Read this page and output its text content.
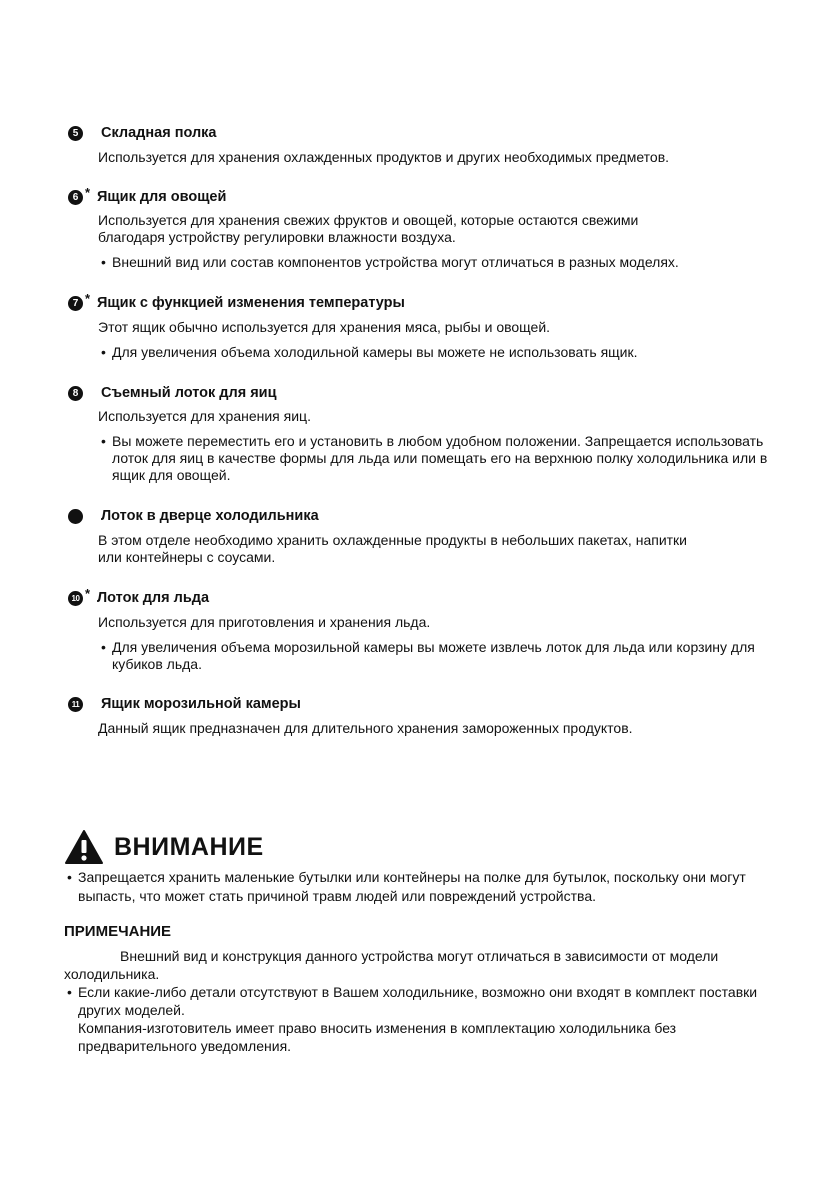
5	Складная полка

Используется для хранения охлажденных продуктов и других необходимых предметов.

6 * Ящик для овощей

Используется для хранения свежих фруктов и овощей, которые остаются свежими

благодаря устройству регулировки влажности воздуха.

• Внешний вид или состав компонентов устройства могут отличаться в разных моделях.

7 * Ящик с функцией изменения температуры

Этот ящик обычно используется для хранения мяса, рыбы и овощей.

• Для увеличения объема холодильной камеры вы можете не использовать ящик.

8	Съемный лоток для яиц

Используется для хранения яиц.

• Вы можете переместить его и установить в любом удобном положении. Запрещается использовать лоток для яиц в качестве формы для льда или помещать его на верхнюю полку холодильника или в ящик для овощей.

Лоток в дверце холодильника

В этом отделе необходимо хранить охлажденные продукты в небольших пакетах, напитки

или контейнеры с соусами.

10 * Лоток для льда

Используется для приготовления и хранения льда.

• Для увеличения объема морозильной камеры вы можете извлечь лоток для льда или корзину для кубиков льда.

11 Ящик морозильной камеры

Данный ящик предназначен для длительного хранения замороженных продуктов.

ВНИМАНИЕ
• Запрещается хранить маленькие бутылки или контейнеры на полке для бутылок, поскольку они могут выпасть, что может стать причиной травм людей или повреждений устройства.
ПРИМЕЧАНИЕ

Внешний вид и конструкция данного устройства могут отличаться в зависимости от модели холодильника.

• Если какие-либо детали отсутствуют в Вашем холодильнике, возможно они входят в комплект поставки других моделей.

Компания-изготовитель имеет право вносить изменения в комплектацию холодильника без предварительного уведомления.
